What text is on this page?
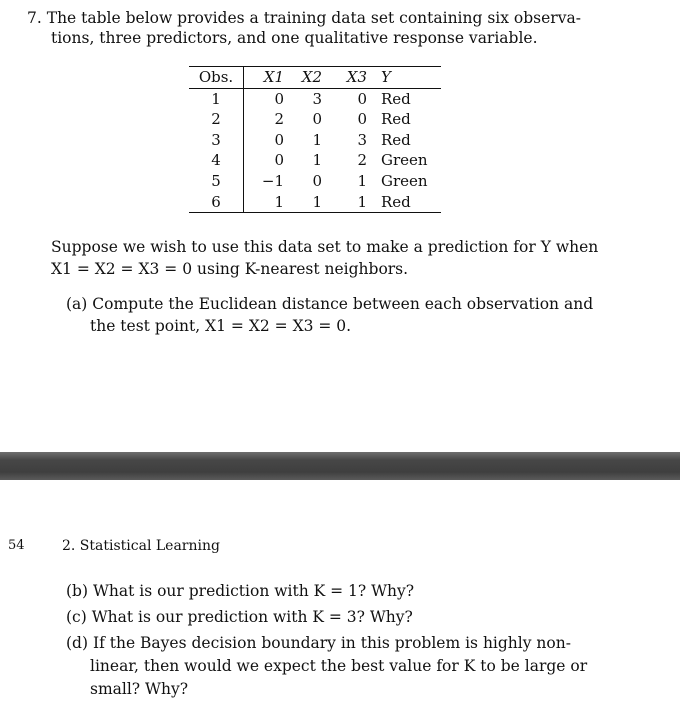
7. The table below provides a training data set containing six observa-
tions, three predictors, and one qualitative response variable.
Obs.	X1	X2	X3	Y
1	0	3	0	Red
2	2	0	0	Red
3	0	1	3	Red
4	0	1	2	Green
5	−1	0	1	Green
6	1	1	1	Red
Suppose we wish to use this data set to make a prediction for Y when
X1 = X2 = X3 = 0 using K-nearest neighbors.
(a) Compute the Euclidean distance between each observation and
the test point, X1 = X2 = X3 = 0.
54	2. Statistical Learning
(b) What is our prediction with K = 1? Why?
(c) What is our prediction with K = 3? Why?
(d) If the Bayes decision boundary in this problem is highly non-
linear, then would we expect the best value for K to be large or
small? Why?
